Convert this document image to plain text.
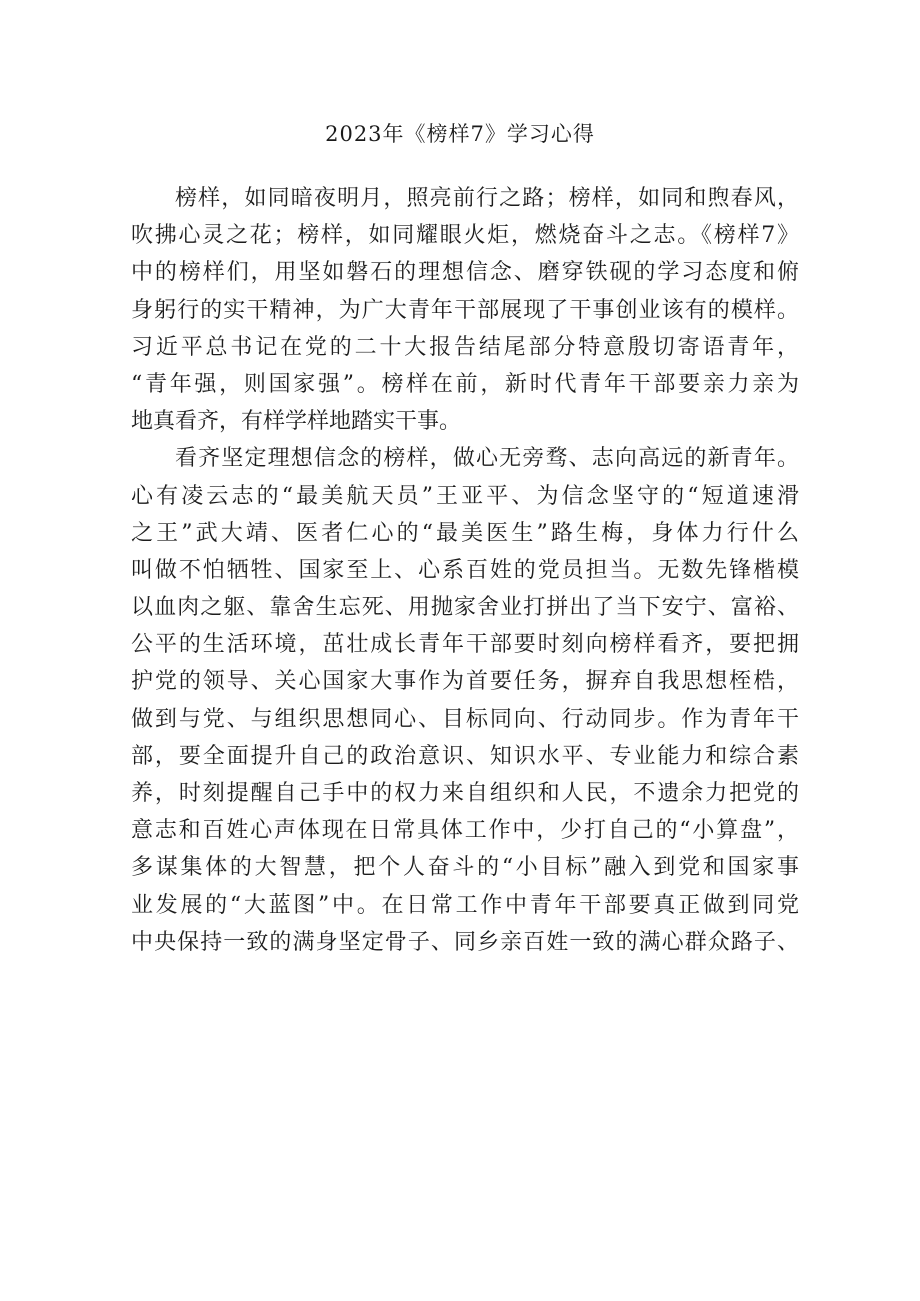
2023年《榜样7》学习心得
榜样，如同暗夜明月，照亮前行之路；榜样，如同和煦春风，
吹拂心灵之花；榜样，如同耀眼火炬，燃烧奋斗之志。《榜样7》
中的榜样们，用坚如磐石的理想信念、磨穿铁砚的学习态度和俯
身躬行的实干精神，为广大青年干部展现了干事创业该有的模样。
习近平总书记在党的二十大报告结尾部分特意殷切寄语青年，
“青年强，则国家强”。榜样在前，新时代青年干部要亲力亲为
地真看齐，有样学样地踏实干事。
看齐坚定理想信念的榜样，做心无旁骛、志向高远的新青年。
心有凌云志的“最美航天员”王亚平、为信念坚守的“短道速滑
之王”武大靖、医者仁心的“最美医生”路生梅，身体力行什么
叫做不怕牺牲、国家至上、心系百姓的党员担当。无数先锋楷模
以血肉之躯、靠舍生忘死、用抛家舍业打拼出了当下安宁、富裕、
公平的生活环境，茁壮成长青年干部要时刻向榜样看齐，要把拥
护党的领导、关心国家大事作为首要任务，摒弃自我思想桎梏，
做到与党、与组织思想同心、目标同向、行动同步。作为青年干
部，要全面提升自己的政治意识、知识水平、专业能力和综合素
养，时刻提醒自己手中的权力来自组织和人民，不遗余力把党的
意志和百姓心声体现在日常具体工作中，少打自己的“小算盘”，
多谋集体的大智慧，把个人奋斗的“小目标”融入到党和国家事
业发展的“大蓝图”中。在日常工作中青年干部要真正做到同党
中央保持一致的满身坚定骨子、同乡亲百姓一致的满心群众路子、
